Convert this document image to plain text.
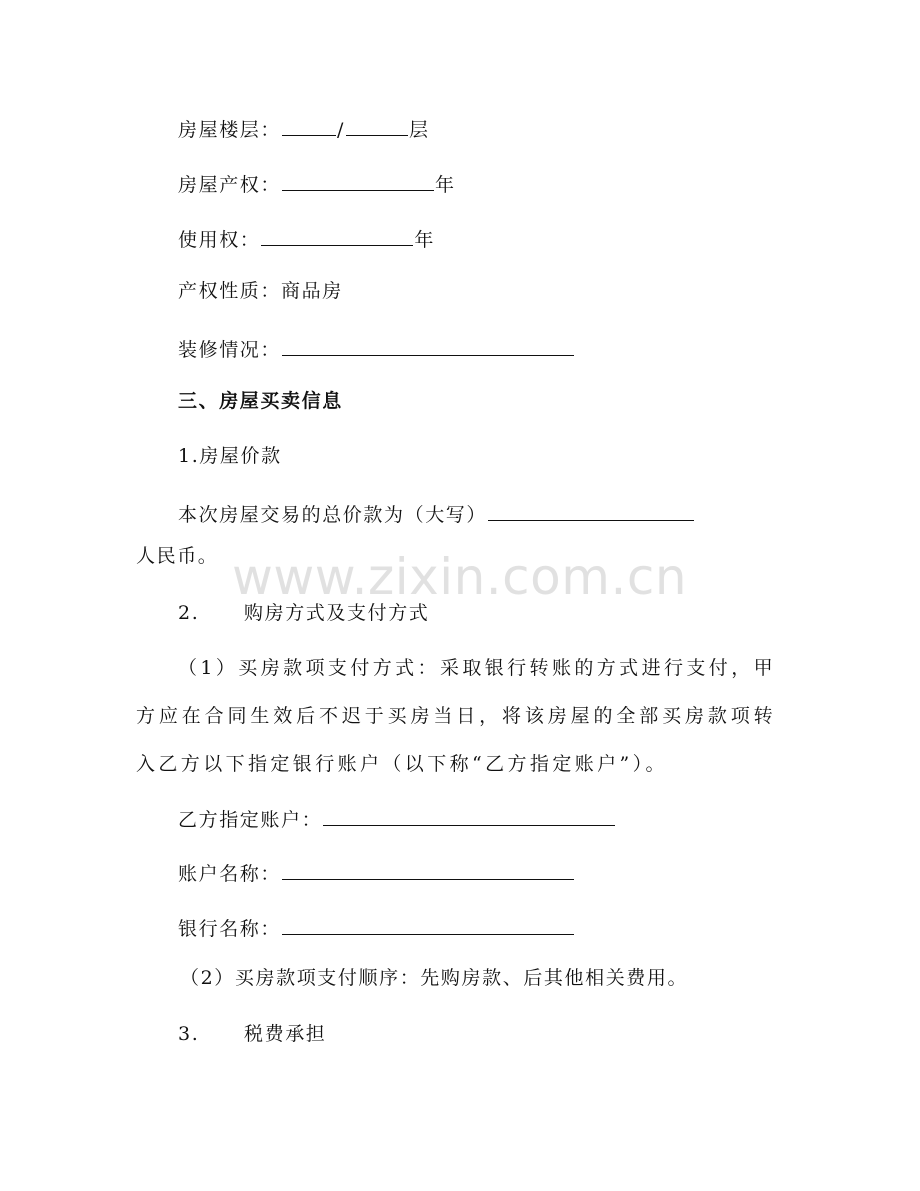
房屋楼层：	/	层
房屋产权：	年
使用权：	年
产权性质：商品房
装修情况：
三、房屋买卖信息
1.房屋价款
本次房屋交易的总价款为（大写）
人民币。 www.zixin.com.cn
2. 购房方式及支付方式
（1）买房款项支付方式：采取银行转账的方式进行支付，甲方应在合同生效后不迟于买房当日，将该房屋的全部买房款项转入乙方以下指定银行账户（以下称“乙方指定账户”）。
乙方指定账户：
账户名称：
银行名称：
（2）买房款项支付顺序：先购房款、后其他相关费用。
3. 税费承担
